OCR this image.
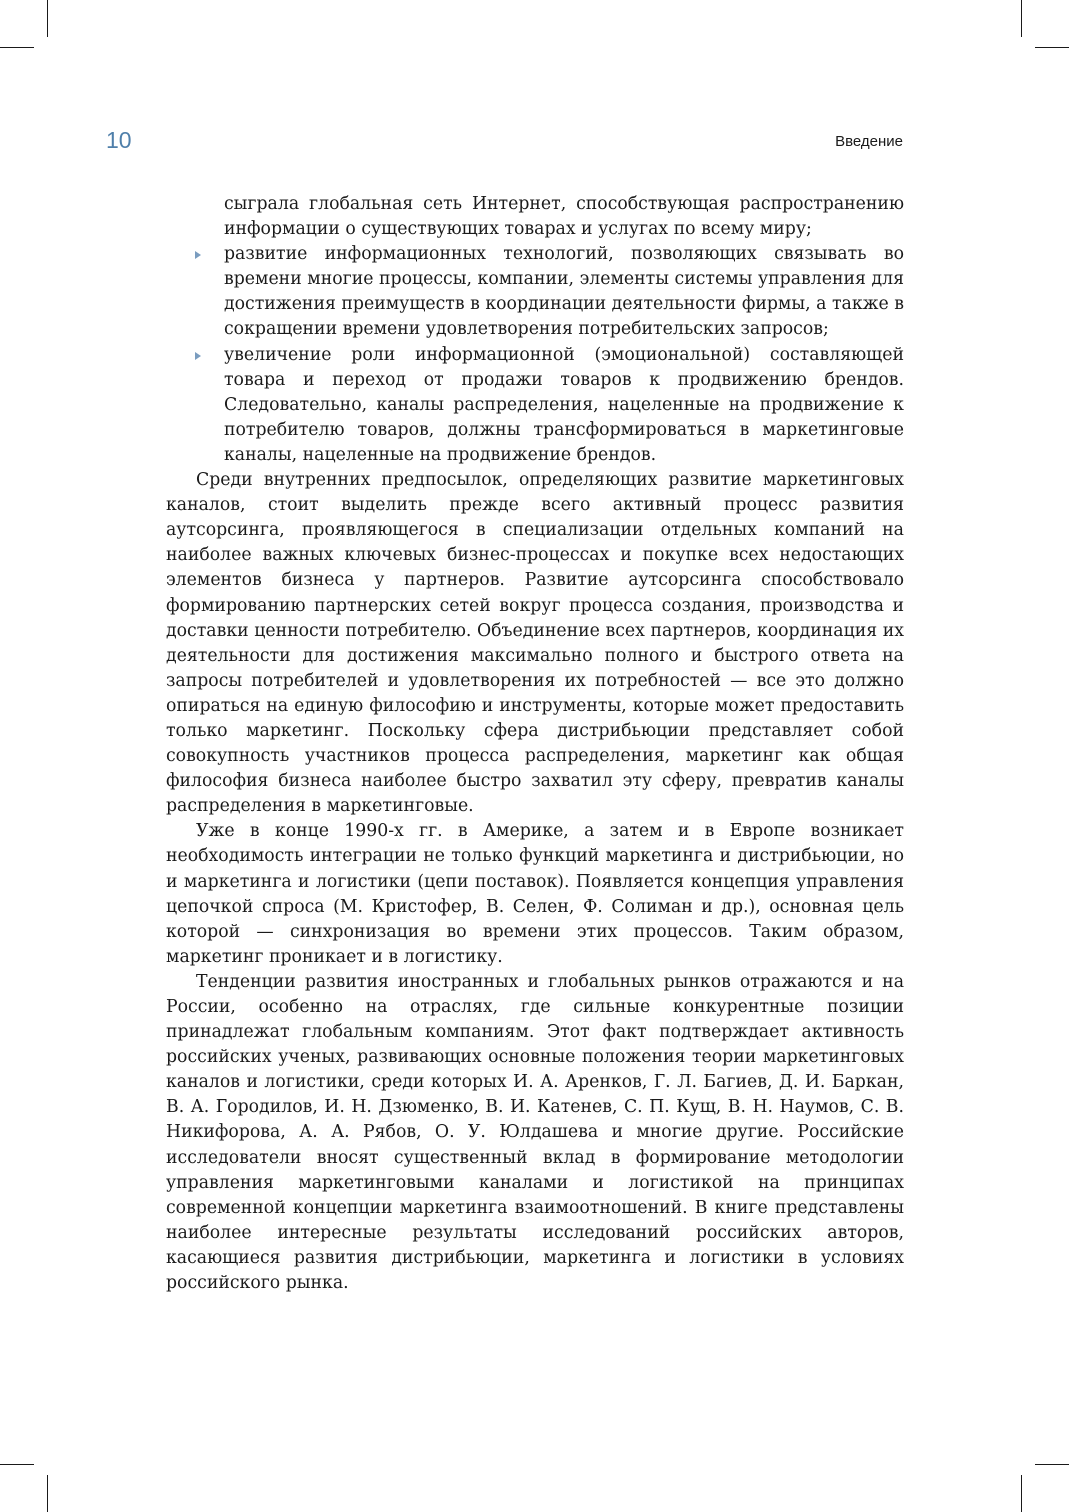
10	Введение

сыграла глобальная сеть Интернет, способствующая распространению информации о существующих товарах и услугах по всему миру;

развитие информационных технологий, позволяющих связывать во времени многие процессы, компании, элементы системы управления для достижения преимуществ в координации деятельности фирмы, а также в сокращении времени удовлетворения потребительских запросов;
увеличение роли информационной (эмоциональной) составляющей товара и переход от продажи товаров к продвижению брендов. Следовательно, каналы распределения, нацеленные на продвижение к потребителю товаров, должны трансформироваться в маркетинговые каналы, нацеленные на продвижение брендов.

Среди внутренних предпосылок, определяющих развитие маркетинговых каналов, стоит выделить прежде всего активный процесс развития аутсорсинга, проявляющегося в специализации отдельных компаний на наиболее важных ключевых бизнес-процессах и покупке всех недостающих элементов бизнеса у партнеров. Развитие аутсорсинга способствовало формированию партнерских сетей вокруг процесса создания, производства и доставки ценности потребителю. Объединение всех партнеров, координация их деятельности для достижения максимально полного и быстрого ответа на запросы потребителей и удовлетворения их потребностей — все это должно опираться на единую философию и инструменты, которые может предоставить только маркетинг. Поскольку сфера дистрибьюции представляет собой совокупность участников процесса распределения, маркетинг как общая философия бизнеса наиболее быстро захватил эту сферу, превратив каналы распределения в маркетинговые.

Уже в конце 1990-х гг. в Америке, а затем и в Европе возникает необходимость интеграции не только функций маркетинга и дистрибьюции, но и маркетинга и логистики (цепи поставок). Появляется концепция управления цепочкой спроса (М. Кристофер, В. Селен, Ф. Солиман и др.), основная цель которой — синхронизация во времени этих процессов. Таким образом, маркетинг проникает и в логистику.

Тенденции развития иностранных и глобальных рынков отражаются и на России, особенно на отраслях, где сильные конкурентные позиции принадлежат глобальным компаниям. Этот факт подтверждает активность российских ученых, развивающих основные положения теории маркетинговых каналов и логистики, среди которых И. А. Аренков, Г. Л. Багиев, Д. И. Баркан, В. А. Городилов, И. Н. Дзюменко, В. И. Катенев, С. П. Кущ, В. Н. Наумов, С. В. Никифорова, А. А. Рябов, О. У. Юлдашева и многие другие. Российские исследователи вносят существенный вклад в формирование методологии управления маркетинговыми каналами и логистикой на принципах современной концепции маркетинга взаимоотношений. В книге представлены наиболее интересные результаты исследований российских авторов, касающиеся развития дистрибьюции, маркетинга и логистики в условиях российского рынка.
